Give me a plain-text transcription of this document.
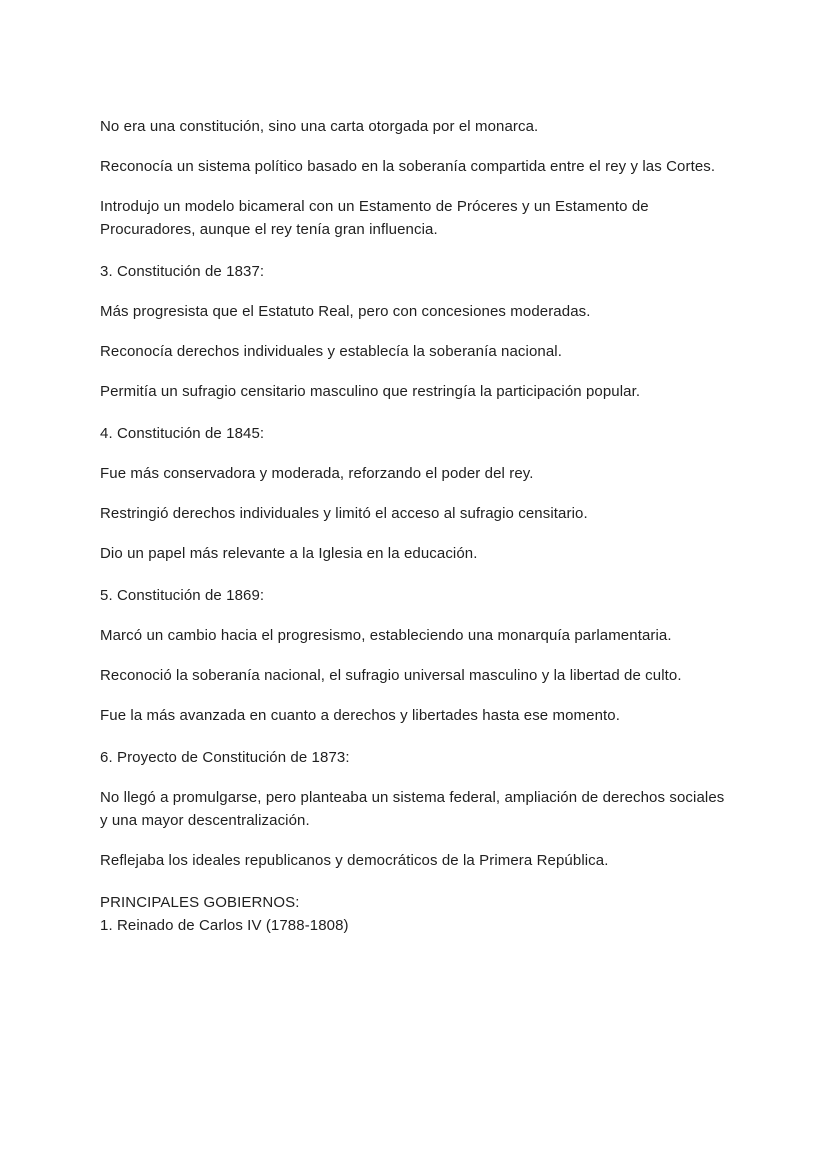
No era una constitución, sino una carta otorgada por el monarca.

Reconocía un sistema político basado en la soberanía compartida entre el rey y las Cortes.

Introdujo un modelo bicameral con un Estamento de Próceres y un Estamento de Procuradores, aunque el rey tenía gran influencia.

3. Constitución de 1837:

Más progresista que el Estatuto Real, pero con concesiones moderadas.

Reconocía derechos individuales y establecía la soberanía nacional.

Permitía un sufragio censitario masculino que restringía la participación popular.

4. Constitución de 1845:

Fue más conservadora y moderada, reforzando el poder del rey.

Restringió derechos individuales y limitó el acceso al sufragio censitario.

Dio un papel más relevante a la Iglesia en la educación.

5. Constitución de 1869:

Marcó un cambio hacia el progresismo, estableciendo una monarquía parlamentaria.

Reconoció la soberanía nacional, el sufragio universal masculino y la libertad de culto.

Fue la más avanzada en cuanto a derechos y libertades hasta ese momento.

6. Proyecto de Constitución de 1873:

No llegó a promulgarse, pero planteaba un sistema federal, ampliación de derechos sociales y una mayor descentralización.

Reflejaba los ideales republicanos y democráticos de la Primera República.

PRINCIPALES GOBIERNOS:

1. Reinado de Carlos IV (1788-1808)
